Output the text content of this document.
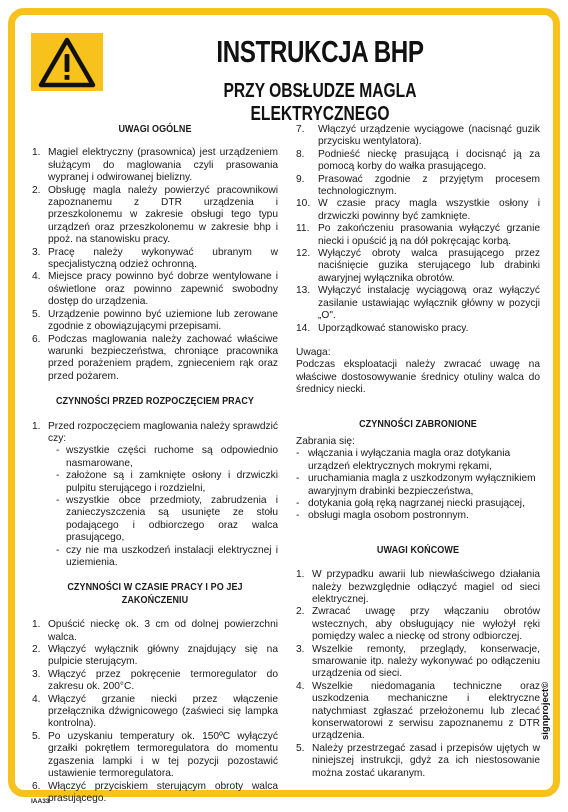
INSTRUKCJA BHP
PRZY OBSŁUDZE MAGLA ELEKTRYCZNEGO
UWAGI OGÓLNE
1. Magiel elektryczny (prasownica) jest urządzeniem służącym do maglowania czyli prasowania wypranej i odwirowanej bielizny.
2. Obsługę magla należy powierzyć pracownikowi zapoznanemu z DTR urządzenia i przeszkolonemu w zakresie obsługi tego typu urządzeń oraz przeszkolonemu w zakresie bhp i ppoż. na stanowisku pracy.
3. Pracę należy wykonywać ubranym w specjalistyczną odzież ochronną.
4. Miejsce pracy powinno być dobrze wentylowane i oświetlone oraz powinno zapewnić swobodny dostęp do urządzenia.
5. Urządzenie powinno być uziemione lub zerowane zgodnie z obowiązującymi przepisami.
6. Podczas maglowania należy zachować właściwe warunki bezpieczeństwa, chroniące pracownika przed porażeniem prądem, zgnieceniem rąk oraz przed pożarem.
CZYNNOŚCI PRZED ROZPOCZĘCIEM PRACY
1. Przed rozpoczęciem maglowania należy sprawdzić czy:
- wszystkie części ruchome są odpowiednio nasmarowane,
- założone są i zamknięte osłony i drzwiczki pulpitu sterującego i rozdzielni,
- wszystkie obce przedmioty, zabrudzenia i zanieczyszczenia są usunięte ze stołu podającego i odbiorczego oraz walca prasującego,
- czy nie ma uszkodzeń instalacji elektrycznej i uziemienia.
CZYNNOŚCI W CZASIE PRACY I PO JEJ ZAKOŃCZENIU
1. Opuścić nieckę ok. 3 cm od dolnej powierzchni walca.
2. Włączyć wyłącznik główny znajdujący się na pulpicie sterującym.
3. Włączyć przez pokręcenie termoregulator do zakresu ok. 200°C.
4. Włączyć grzanie niecki przez włączenie przełącznika dźwignicowego (zaświeci się lampka kontrolna).
5. Po uzyskaniu temperatury ok. 150ºC wyłączyć grzałki pokrętłem termoregulatora do momentu zgaszenia lampki i w tej pozycji pozostawić ustawienie termoregulatora.
6. Włączyć przyciskiem sterującym obroty walca prasującego.
7. Włączyć urządzenie wyciągowe (nacisnąć guzik przycisku wentylatora).
8. Podnieść nieckę prasującą i docisnąć ją za pomocą korby do wałka prasującego.
9. Prasować zgodnie z przyjętym procesem technologicznym.
10. W czasie pracy magla wszystkie osłony i drzwiczki powinny być zamknięte.
11. Po zakończeniu prasowania wyłączyć grzanie niecki i opuścić ją na dół pokręcając korbą.
12. Wyłączyć obroty walca prasującego przez naciśnięcie guzika sterującego lub drabinki awaryjnej wyłącznika obrotów.
13. Wyłączyć instalację wyciągową oraz wyłączyć zasilanie ustawiając wyłącznik główny w pozycji „O".
14. Uporządkować stanowisko pracy.
Uwaga:
Podczas eksploatacji należy zwracać uwagę na właściwe dostosowywanie średnicy otuliny walca do średnicy niecki.
CZYNNOŚCI ZABRONIONE
Zabrania się:
- włączania i wyłączania magla oraz dotykania urządzeń elektrycznych mokrymi rękami,
- uruchamiania magla z uszkodzonym wyłącznikiem awaryjnym drabinki bezpieczeństwa,
- dotykania gołą ręką nagrzanej niecki prasującej,
- obsługi magla osobom postronnym.
UWAGI KOŃCOWE
1. W przypadku awarii lub niewłaściwego działania należy bezwzględnie odłączyć magiel od sieci elektrycznej.
2. Zwracać uwagę przy włączaniu obrotów wstecznych, aby obsługujący nie wyłożył ręki pomiędzy walec a nieckę od strony odbiorczej.
3. Wszelkie remonty, przeglądy, konserwacje, smarowanie itp. należy wykonywać po odłączeniu urządzenia od sieci.
4. Wszelkie niedomagania techniczne oraz uszkodzenia mechaniczne i elektryczne natychmiast zgłaszać przełożonemu lub zlecać konserwatorowi z serwisu zapoznanemu z DTR urządzenia.
5. Należy przestrzegać zasad i przepisów ujętych w niniejszej instrukcji, gdyż za ich niestosowanie można zostać ukaranym.
signproject©
IAA33
